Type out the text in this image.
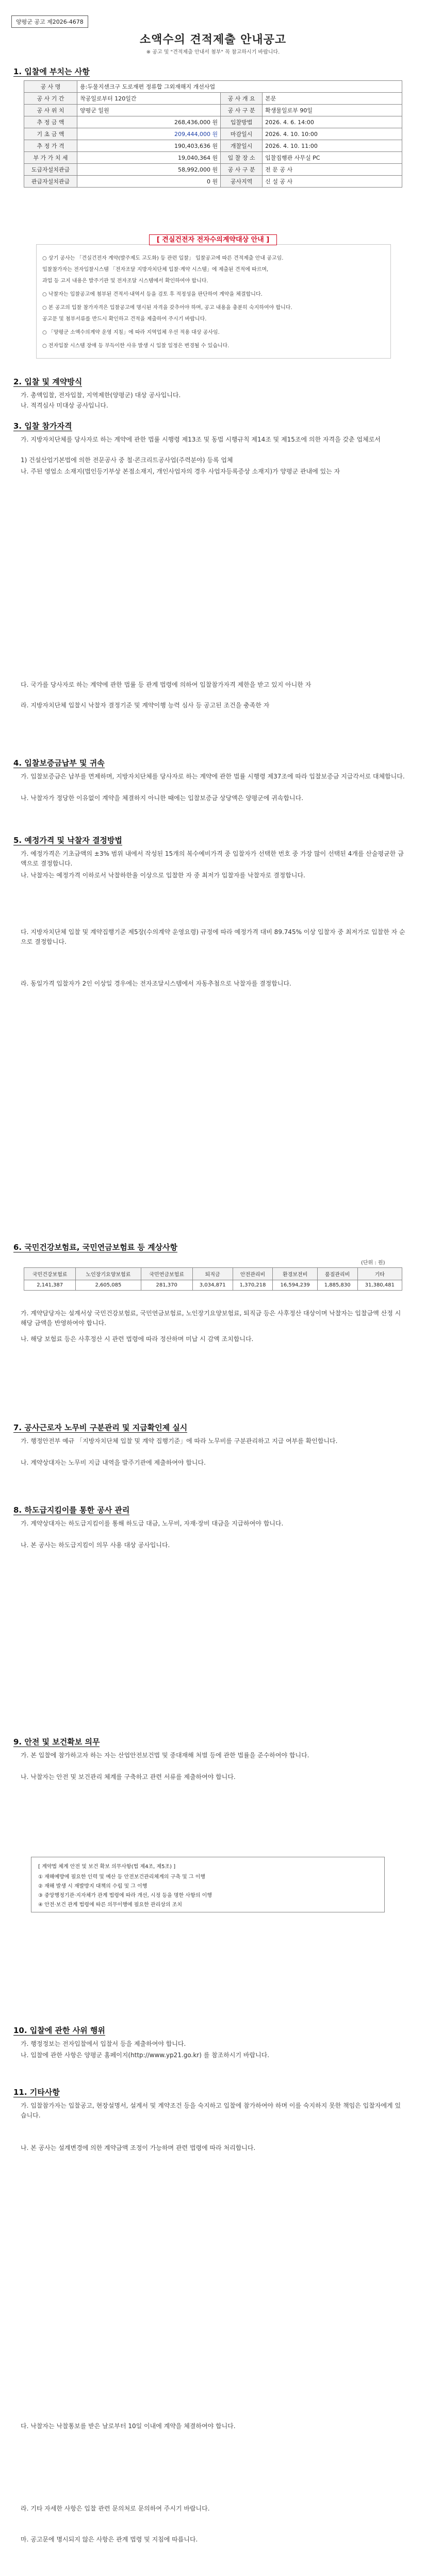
양평군 공고 제2026-4678
소액수의 견적제출 안내공고
※ 공고 및 "견적제출 안내서 첨부" 꼭 참고하시기 바랍니다.
1. 입찰에 부치는 사항
공 사 명	용:두물지센크구 도로재편 정류합 그외재해지 개선사업		
공 사 기 간	착공일로부터 120일간	공 사 개 요	본문
공 사 위 치	양평군 일원	공 사 구 분	확생물일로부 90일
추 정 금 액	268,436,000 원	입찰방법	2026. 4. 6. 14:00
기 초 금 액	209,444,000 원	마감일시	2026. 4. 10. 10:00
추 정 가 격	190,403,636 원	개찰일시	2026. 4. 10. 11:00
부 가 가 치 세	19,040,364 원	입 찰 장 소	입찰집행관 사무실 PC
도급자설치관급	58,992,000 원	공 사 구 분	전 문 공 사
관급자설치관급	0 원	공사지역	신 설 공 사
[ 견실건전자 전자수의계약대상 안내 ]
○ 상기 공사는 「견실건전자 계약(발주제도 고도화) 등 관련 입찰」 입찰공고에 따른 견적제출 안내 공고임.
입찰참가자는 전자입찰시스템 「전자조달 지방자치단체 입찰·계약 시스템」에 제출된 견적에 따르며,
과업 등 고지 내용은 발주기관 및 전자조달 시스템에서 확인하여야 합니다.
○ 낙찰자는 입찰공고에 첨부된 견적서·내역서 등을 검토 후 적정성을 판단하여 계약을 체결합니다.
○ 본 공고의 입찰 참가자격은 입찰공고에 명시된 자격을 갖추어야 하며, 공고 내용을 충분히 숙지하여야 합니다.
공고문 및 첨부서류를 반드시 확인하고 견적을 제출하여 주시기 바랍니다.
○ 「양평군 소액수의계약 운영 지침」에 따라 지역업체 우선 적용 대상 공사임.
○ 전자입찰 시스템 장애 등 부득이한 사유 발생 시 입찰 일정은 변경될 수 있습니다.
2. 입찰 및 계약방식
가. 총액입찰, 전자입찰, 지역제한(양평군) 대상 공사입니다.
나. 적격심사 미대상 공사입니다.
3. 입찰 참가자격
가. 지방자치단체를 당사자로 하는 계약에 관한 법률 시행령 제13조 및 동법 시행규칙 제14조 및 제15조에 의한 자격을 갖춘 업체로서
1) 건설산업기본법에 의한 전문공사 중 철·콘크리트공사업(주력분야) 등록 업체
나. 주된 영업소 소재지(법인등기부상 본점소재지, 개인사업자의 경우 사업자등록증상 소재지)가 양평군 관내에 있는 자
다. 국가를 당사자로 하는 계약에 관한 법률 등 관계 법령에 의하여 입찰참가자격 제한을 받고 있지 아니한 자
라. 지방자치단체 입찰시 낙찰자 결정기준 및 계약이행 능력 심사 등 공고된 조건을 충족한 자
4. 입찰보증금납부 및 귀속
가. 입찰보증금은 납부를 면제하며, 지방자치단체를 당사자로 하는 계약에 관한 법률 시행령 제37조에 따라 입찰보증금 지급각서로 대체합니다.
나. 낙찰자가 정당한 이유없이 계약을 체결하지 아니한 때에는 입찰보증금 상당액은 양평군에 귀속합니다.
5. 예정가격 및 낙찰자 결정방법
가. 예정가격은 기초금액의 ±3% 범위 내에서 작성된 15개의 복수예비가격 중 입찰자가 선택한 번호 중 가장 많이 선택된 4개를 산술평균한 금액으로 결정합니다.
나. 낙찰자는 예정가격 이하로서 낙찰하한율 이상으로 입찰한 자 중 최저가 입찰자를 낙찰자로 결정합니다.
다. 지방자치단체 입찰 및 계약집행기준 제5장(수의계약 운영요령) 규정에 따라 예정가격 대비 89.745% 이상 입찰자 중 최저가로 입찰한 자 순으로 결정합니다.
라. 동일가격 입찰자가 2인 이상일 경우에는 전자조달시스템에서 자동추첨으로 낙찰자를 결정합니다.
6. 국민건강보험료, 국민연금보험료 등 계상사항
(단위 : 원)
국민건강보험료	노인장기요양보험료	국민연금보험료	퇴직금	안전관리비	환경보전비	품질관리비	기타
2,141,387	2,605,085	281,370	3,034,871	1,370,218	16,594,239	1,885,830	31,380,481
가. 계약담당자는 설계서상 국민건강보험료, 국민연금보험료, 노인장기요양보험료, 퇴직금 등은 사후정산 대상이며 낙찰자는 입찰금액 산정 시 해당 금액을 반영하여야 합니다.
나. 해당 보험료 등은 사후정산 시 관련 법령에 따라 정산하며 미납 시 감액 조치합니다.
7. 공사근로자 노무비 구분관리 및 지급확인제 실시
가. 행정안전부 예규 「지방자치단체 입찰 및 계약 집행기준」에 따라 노무비를 구분관리하고 지급 여부를 확인합니다.
나. 계약상대자는 노무비 지급 내역을 발주기관에 제출하여야 합니다.
8. 하도급지킴이를 통한 공사 관리
가. 계약상대자는 하도급지킴이를 통해 하도급 대금, 노무비, 자재·장비 대금을 지급하여야 합니다.
나. 본 공사는 하도급지킴이 의무 사용 대상 공사입니다.
9. 안전 및 보건확보 의무
가. 본 입찰에 참가하고자 하는 자는 산업안전보건법 및 중대재해 처벌 등에 관한 법률을 준수하여야 합니다.
나. 낙찰자는 안전 및 보건관리 체계를 구축하고 관련 서류를 제출하여야 합니다.
[ 계약법 체계 안전 및 보건 확보 의무사항(법 제4조, 제5조) ]
① 재해예방에 필요한 인력 및 예산 등 안전보건관리체계의 구축 및 그 이행
② 재해 발생 시 재발방지 대책의 수립 및 그 이행
③ 중앙행정기관·지자체가 관계 법령에 따라 개선, 시정 등을 명한 사항의 이행
④ 안전·보건 관계 법령에 따른 의무이행에 필요한 관리상의 조치
10. 입찰에 관한 사위 행위
가. 행정정보는 전자입찰에서 입찰서 등을 제출하여야 합니다.
나. 입찰에 관한 사항은 양평군 홈페이지(http://www.yp21.go.kr) 를 참조하시기 바랍니다.
11. 기타사항
가. 입찰참가자는 입찰공고, 현장설명서, 설계서 및 계약조건 등을 숙지하고 입찰에 참가하여야 하며 이를 숙지하지 못한 책임은 입찰자에게 있습니다.
나. 본 공사는 설계변경에 의한 계약금액 조정이 가능하며 관련 법령에 따라 처리합니다.
다. 낙찰자는 낙찰통보를 받은 날로부터 10일 이내에 계약을 체결하여야 합니다.
라. 기타 자세한 사항은 입찰 관련 문의처로 문의하여 주시기 바랍니다.
마. 공고문에 명시되지 않은 사항은 관계 법령 및 지침에 따릅니다.
